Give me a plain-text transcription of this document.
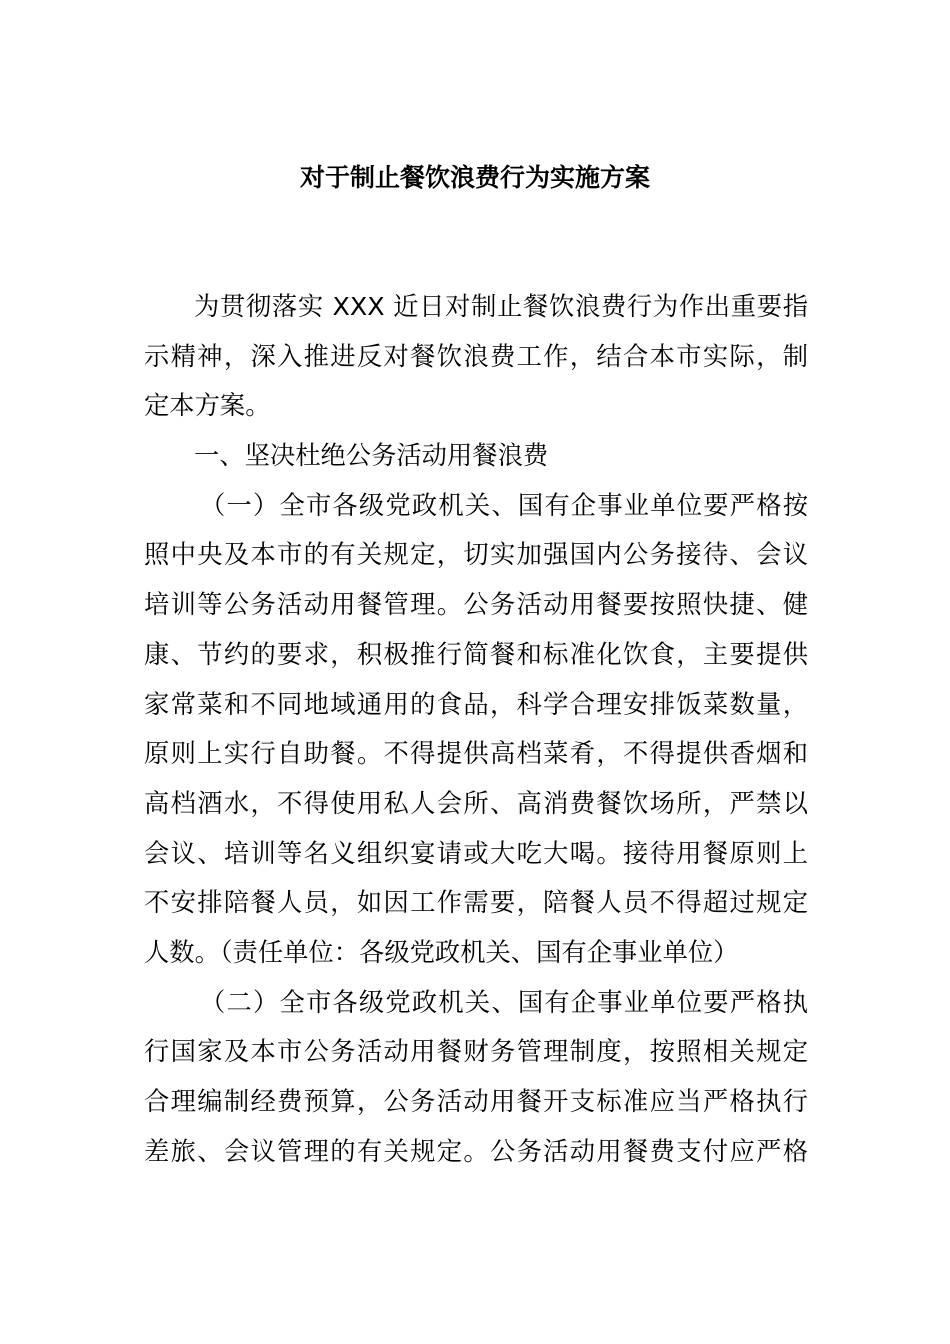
对于制止餐饮浪费行为实施方案
为贯彻落实 XXX 近日对制止餐饮浪费行为作出重要指
示精神，深入推进反对餐饮浪费工作，结合本市实际，制
定本方案。
一、坚决杜绝公务活动用餐浪费
（一）全市各级党政机关、国有企事业单位要严格按
照中央及本市的有关规定，切实加强国内公务接待、会议
培训等公务活动用餐管理。公务活动用餐要按照快捷、健
康、节约的要求，积极推行简餐和标准化饮食，主要提供
家常菜和不同地域通用的食品，科学合理安排饭菜数量，
原则上实行自助餐。不得提供高档菜肴，不得提供香烟和
高档酒水，不得使用私人会所、高消费餐饮场所，严禁以
会议、培训等名义组织宴请或大吃大喝。接待用餐原则上
不安排陪餐人员，如因工作需要，陪餐人员不得超过规定
人数。（责任单位：各级党政机关、国有企事业单位）
（二）全市各级党政机关、国有企事业单位要严格执
行国家及本市公务活动用餐财务管理制度，按照相关规定
合理编制经费预算，公务活动用餐开支标准应当严格执行
差旅、会议管理的有关规定。公务活动用餐费支付应严格
